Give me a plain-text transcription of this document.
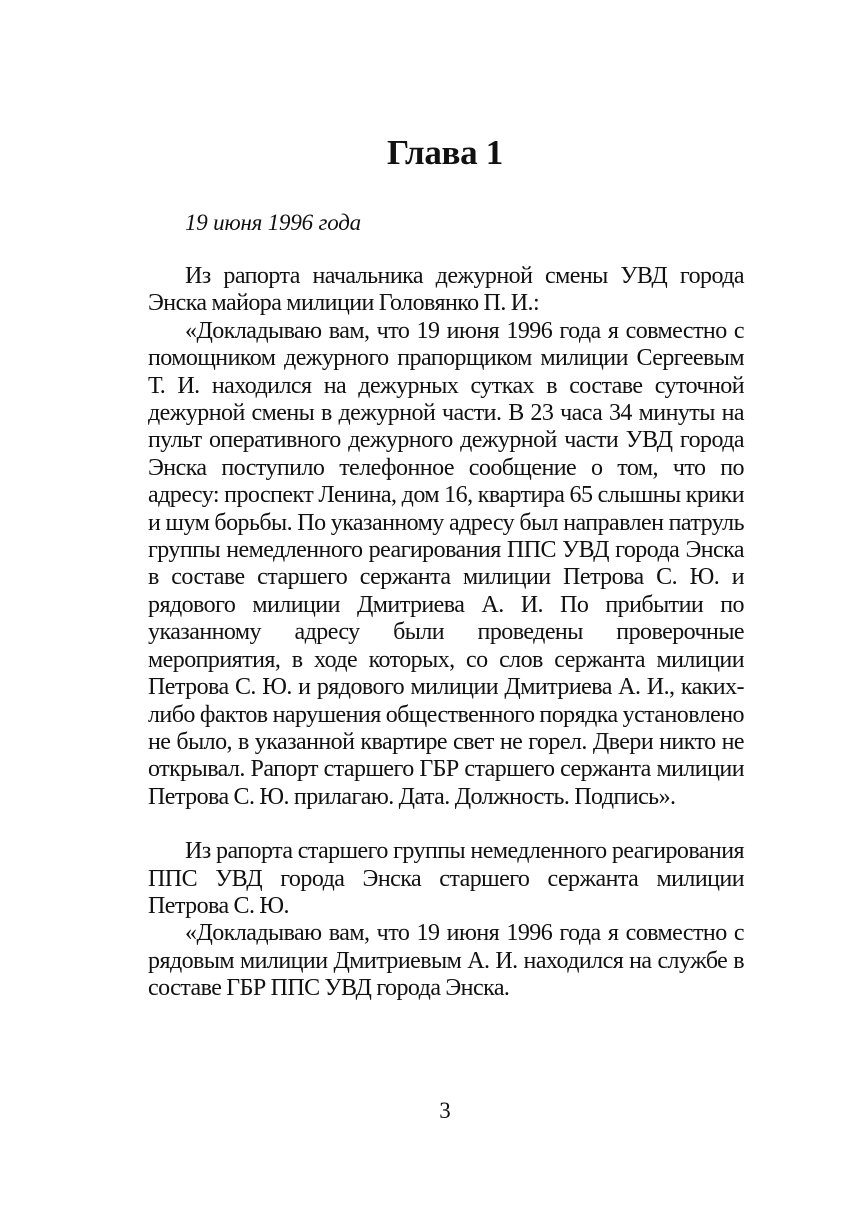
Глава 1
19 июня 1996 года

Из рапорта начальника дежурной смены УВД города Энска майора милиции Головянко П. И.:

«Докладываю вам, что 19 июня 1996 года я совместно с помощником дежурного прапорщиком милиции Сергеевым Т. И. находился на дежурных сутках в составе суточной дежурной смены в дежурной части. В 23 часа 34 минуты на пульт оперативного дежурного дежурной части УВД города Энска поступило телефонное сообщение о том, что по адресу: проспект Ленина, дом 16, квартира 65 слышны крики и шум борьбы. По указанному адресу был направлен патруль группы немедленного реагирования ППС УВД города Энска в составе старшего сержанта милиции Петрова С. Ю. и рядового милиции Дмитриева А. И. По прибытии по указанному адресу были проведены проверочные мероприятия, в ходе которых, со слов сержанта милиции Петрова С. Ю. и рядового милиции Дмитриева А. И., каких-либо фактов нарушения общественного порядка установлено не было, в указанной квартире свет не горел. Двери никто не открывал. Рапорт старшего ГБР старшего сержанта милиции Петрова С. Ю. прилагаю. Дата. Должность. Подпись».

Из рапорта старшего группы немедленного реагирования ППС УВД города Энска старшего сержанта милиции Петрова С. Ю.

«Докладываю вам, что 19 июня 1996 года я совместно с рядовым милиции Дмитриевым А. И. находился на службе в составе ГБР ППС УВД города Энска.

3
